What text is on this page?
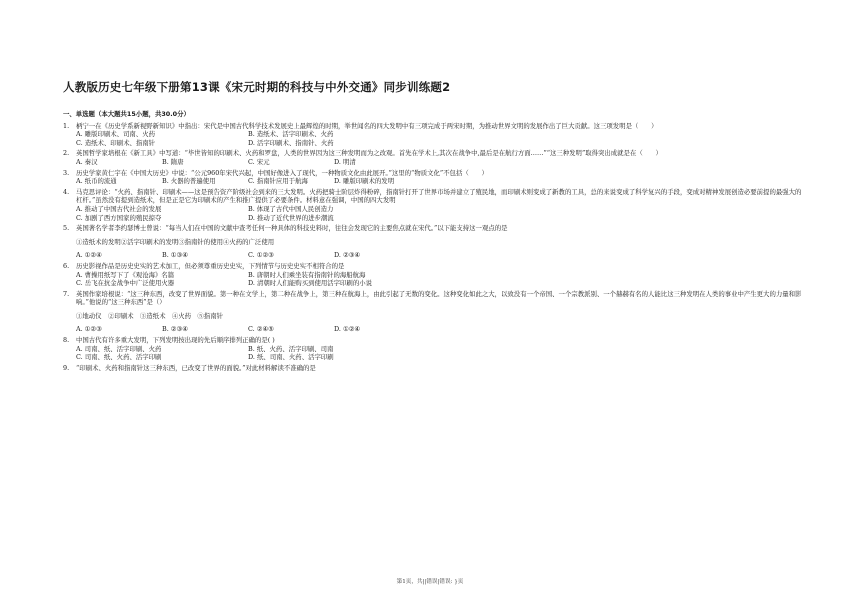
人教版历史七年级下册第13课《宋元时期的科技与中外交通》同步训练题2
一、单选题（本大题共15小题，共30.0分）
1.	柄宁一在《历史学系新视野新知识》中指出：宋代是中国古代科学技术发展史上最辉煌的时期，举世闻名的四大发明中有三项完成于两宋时期，为推动世界文明的发展作出了巨大贡献。这三项发明是（　　）
A. 雕版印刷术、司南、火药	B. 造纸术、活字印刷术、火药
C. 造纸术、印刷术、指南针	D. 活字印刷术、指南针、火药
2.	英国哲学家培根在《新工具》中写道：“毕世皆知的印刷术、火药和罗盘，人类的世界因为这三种发明而为之改观。首先在学术上,其次在战争中,最后是在航行方面……”“这三种发明”取得突出成就是在（　　）
A. 秦汉	B. 隋唐	C. 宋元	D. 明清
3.	历史学家黄仁宇在《中国大历史》中说：“公元960年宋代兴起，中国好像进入了现代，一种物质文化由此展开。”这里的“物质文化”不包括（　　）
A. 纸币的流通	B. 火器的普遍使用	C. 指南针应用于航海	D. 雕版印刷术的发明
4.	马克思评论：“火药、指南针、印刷术——这是预告资产阶级社会到来的三大发明。火药把骑士阶层炸得粉碎，指南针打开了世界市场并建立了殖民地，而印刷术则变成了新教的工具，总的来说变成了科学复兴的手段，变成对精神发展创造必要前提的最强大的杠杆。”虽然没有提到造纸术，但是正是它为印刷术的产生和推广提供了必要条件。材料意在强调，中国的四大发明
A. 推动了中国古代社会的发展	B. 体现了古代中国人民创造力
C. 加剧了西方国家的殖民掠夺	D. 推动了近代世界的进步潮流
5.	英国著名学者李约瑟博士曾说：“每当人们在中国的文献中查考任何一种具体的科技史料时，往往会发现它的主要焦点就在宋代。”以下能支持这一观点的是
①造纸术的发明②活字印刷术的发明③指南针的使用④火药的广泛使用
A. ①②④	B. ①③④	C. ①②③	D. ②③④
6.	历史影视作品是历史史实的艺术加工，但必须尊重历史史实，下列情节与历史史实不相符合的是
A. 曹操用纸写下了《观沧海》名篇	B. 唐朝时人们乘坐装有指南针的海船航海
C. 岳飞在抗金战争中广泛使用火器	D. 清朝时人们能购买到使用活字印刷的小说
7.	英国作家培根说：“这三种东西，改变了世界面貌。第一种在文学上，第二种在战争上，第三种在航海上，由此引起了无数的变化。这种变化如此之大，以致没有一个帝国、一个宗教派别、一个赫赫有名的人能比这三种发明在人类的事业中产生更大的力量和影响。”他说的“这三种东西”是（）
①地动仪　②印刷术　③造纸术　④火药　⑤指南针
A. ①②③	B. ②③④	C. ②④⑤	D. ①②④
8.	中国古代有许多重大发明，下列发明按出现的先后顺序排列正确的是( )
A. 司南、纸、活字印刷、火药	B. 纸、火药、活字印刷、司南
C. 司南、纸、火药、活字印刷	D. 纸、司南、火药、活字印刷
9.	“印刷术、火药和指南针这三种东西，已改变了世界的面貌。”对此材料解读不准确的是
第1页，共||错误|错误: }页
